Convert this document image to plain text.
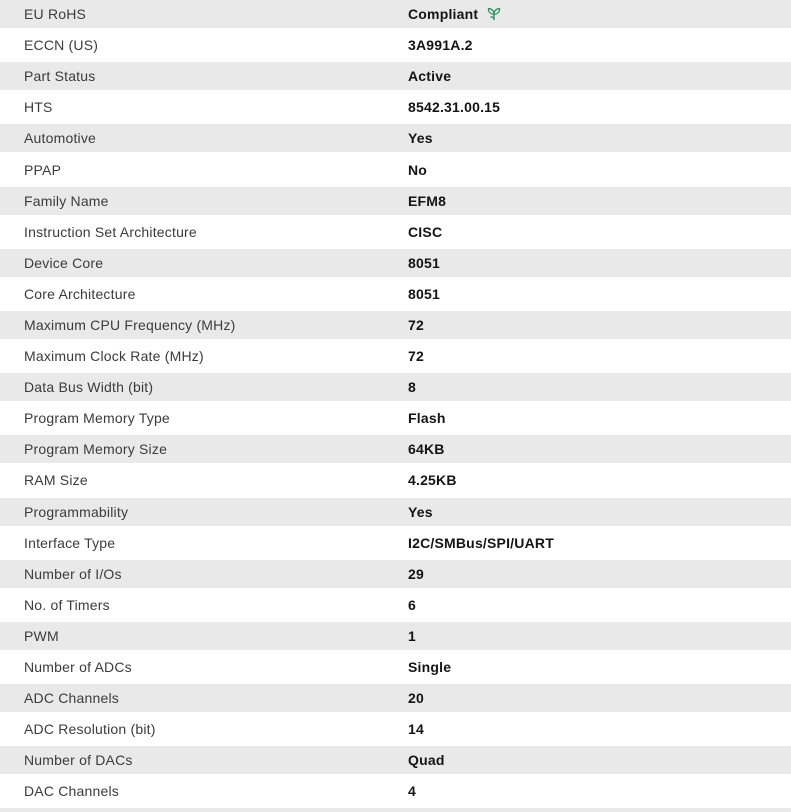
EU RoHS	Compliant
ECCN (US)	3A991A.2
Part Status	Active
HTS	8542.31.00.15
Automotive	Yes
PPAP	No
Family Name	EFM8
Instruction Set Architecture	CISC
Device Core	8051
Core Architecture	8051
Maximum CPU Frequency (MHz)	72
Maximum Clock Rate (MHz)	72
Data Bus Width (bit)	8
Program Memory Type	Flash
Program Memory Size	64KB
RAM Size	4.25KB
Programmability	Yes
Interface Type	I2C/SMBus/SPI/UART
Number of I/Os	29
No. of Timers	6
PWM	1
Number of ADCs	Single
ADC Channels	20
ADC Resolution (bit)	14
Number of DACs	Quad
DAC Channels	4
